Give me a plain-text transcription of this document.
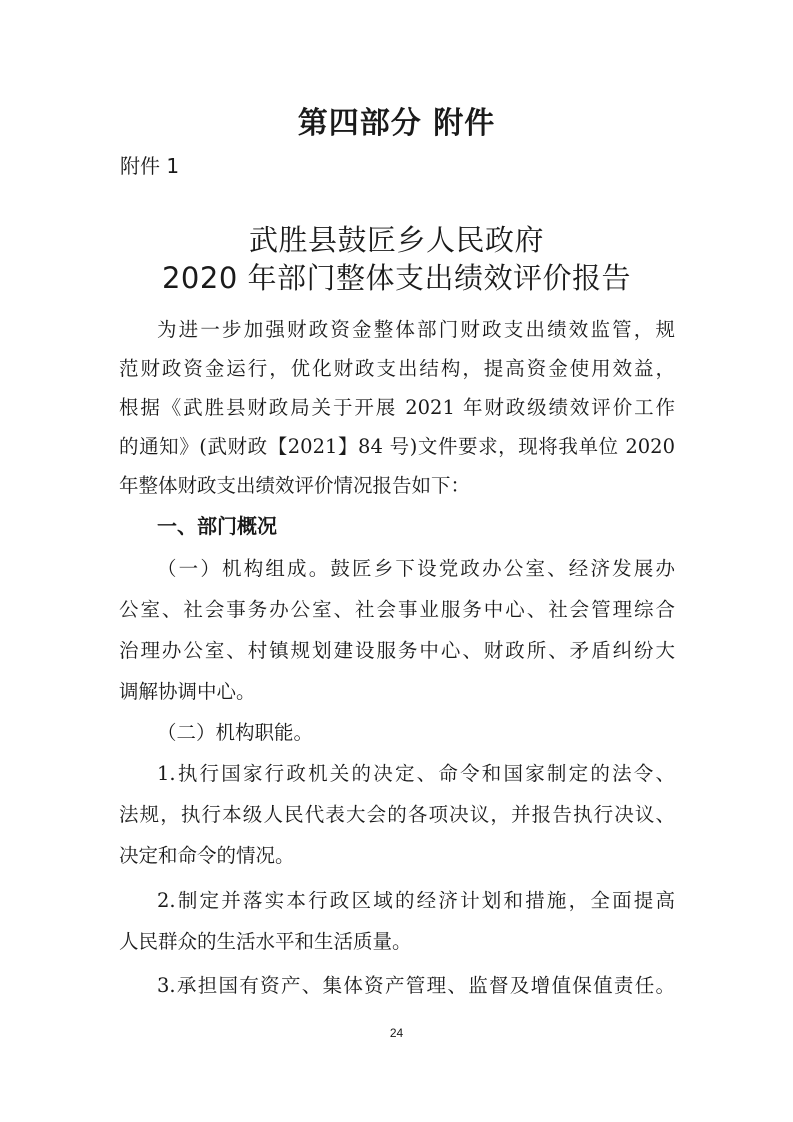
第四部分 附件
附件 1
武胜县鼓匠乡人民政府
2020 年部门整体支出绩效评价报告
为进一步加强财政资金整体部门财政支出绩效监管，规
范财政资金运行，优化财政支出结构，提高资金使用效益，
根据《武胜县财政局关于开展 2021 年财政级绩效评价工作
的通知》(武财政【2021】84 号)文件要求，现将我单位 2020
年整体财政支出绩效评价情况报告如下：
一、部门概况
（一）机构组成。鼓匠乡下设党政办公室、经济发展办
公室、社会事务办公室、社会事业服务中心、社会管理综合
治理办公室、村镇规划建设服务中心、财政所、矛盾纠纷大
调解协调中心。
（二）机构职能。
1.执行国家行政机关的决定、命令和国家制定的法令、
法规，执行本级人民代表大会的各项决议，并报告执行决议、
决定和命令的情况。
2.制定并落实本行政区域的经济计划和措施，全面提高
人民群众的生活水平和生活质量。
3.承担国有资产、集体资产管理、监督及增值保值责任。
24
